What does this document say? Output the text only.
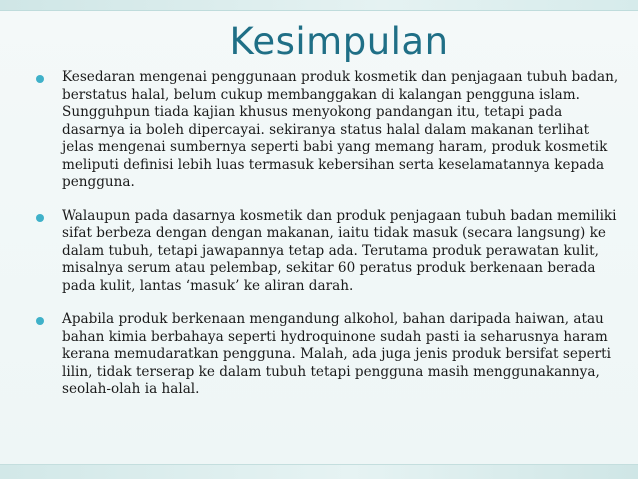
Kesimpulan
Kesedaran mengenai penggunaan produk kosmetik dan penjagaan tubuh badan, berstatus halal, belum cukup membanggakan di kalangan pengguna islam. Sungguhpun tiada kajian khusus menyokong pandangan itu, tetapi pada dasarnya ia boleh dipercayai. sekiranya status halal dalam makanan terlihat jelas mengenai sumbernya seperti babi yang memang haram, produk kosmetik meliputi definisi lebih luas termasuk kebersihan serta keselamatannya kepada pengguna.
Walaupun pada dasarnya kosmetik dan produk penjagaan tubuh badan memiliki sifat berbeza dengan dengan makanan, iaitu tidak masuk (secara langsung) ke dalam tubuh, tetapi jawapannya tetap ada. Terutama produk perawatan kulit, misalnya serum atau pelembap, sekitar 60 peratus produk berkenaan berada pada kulit, lantas ‘masuk’ ke aliran darah.
Apabila produk berkenaan mengandung alkohol, bahan daripada haiwan, atau bahan kimia berbahaya seperti hydroquinone sudah pasti ia seharusnya haram kerana memudaratkan pengguna. Malah, ada juga jenis produk bersifat seperti lilin, tidak terserap ke dalam tubuh tetapi pengguna masih menggunakannya, seolah-olah ia halal.
